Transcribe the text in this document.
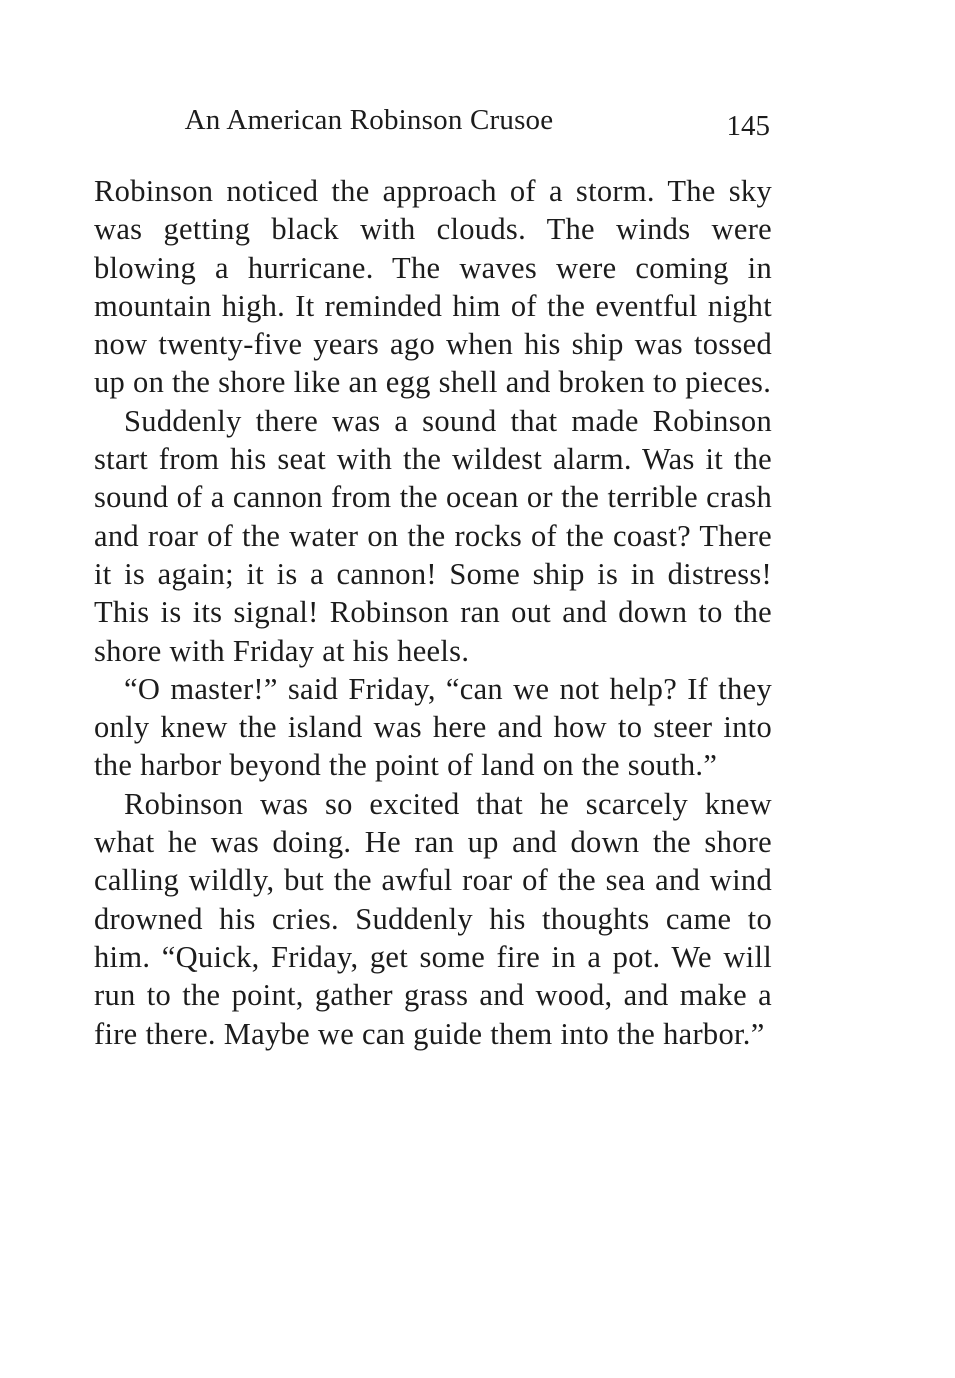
An American Robinson Crusoe	145

Robinson noticed the approach of a storm. The sky was getting black with clouds. The winds were blowing a hurricane. The waves were coming in mountain high. It reminded him of the eventful night now twenty-five years ago when his ship was tossed up on the shore like an egg shell and broken to pieces.

Suddenly there was a sound that made Robinson start from his seat with the wildest alarm. Was it the sound of a cannon from the ocean or the terrible crash and roar of the water on the rocks of the coast? There it is again; it is a cannon! Some ship is in distress! This is its signal! Robinson ran out and down to the shore with Friday at his heels.

“O master!” said Friday, “can we not help? If they only knew the island was here and how to steer into the harbor beyond the point of land on the south.”

Robinson was so excited that he scarcely knew what he was doing. He ran up and down the shore calling wildly, but the awful roar of the sea and wind drowned his cries. Suddenly his thoughts came to him. “Quick, Friday, get some fire in a pot. We will run to the point, gather grass and wood, and make a fire there. Maybe we can guide them into the harbor.”
